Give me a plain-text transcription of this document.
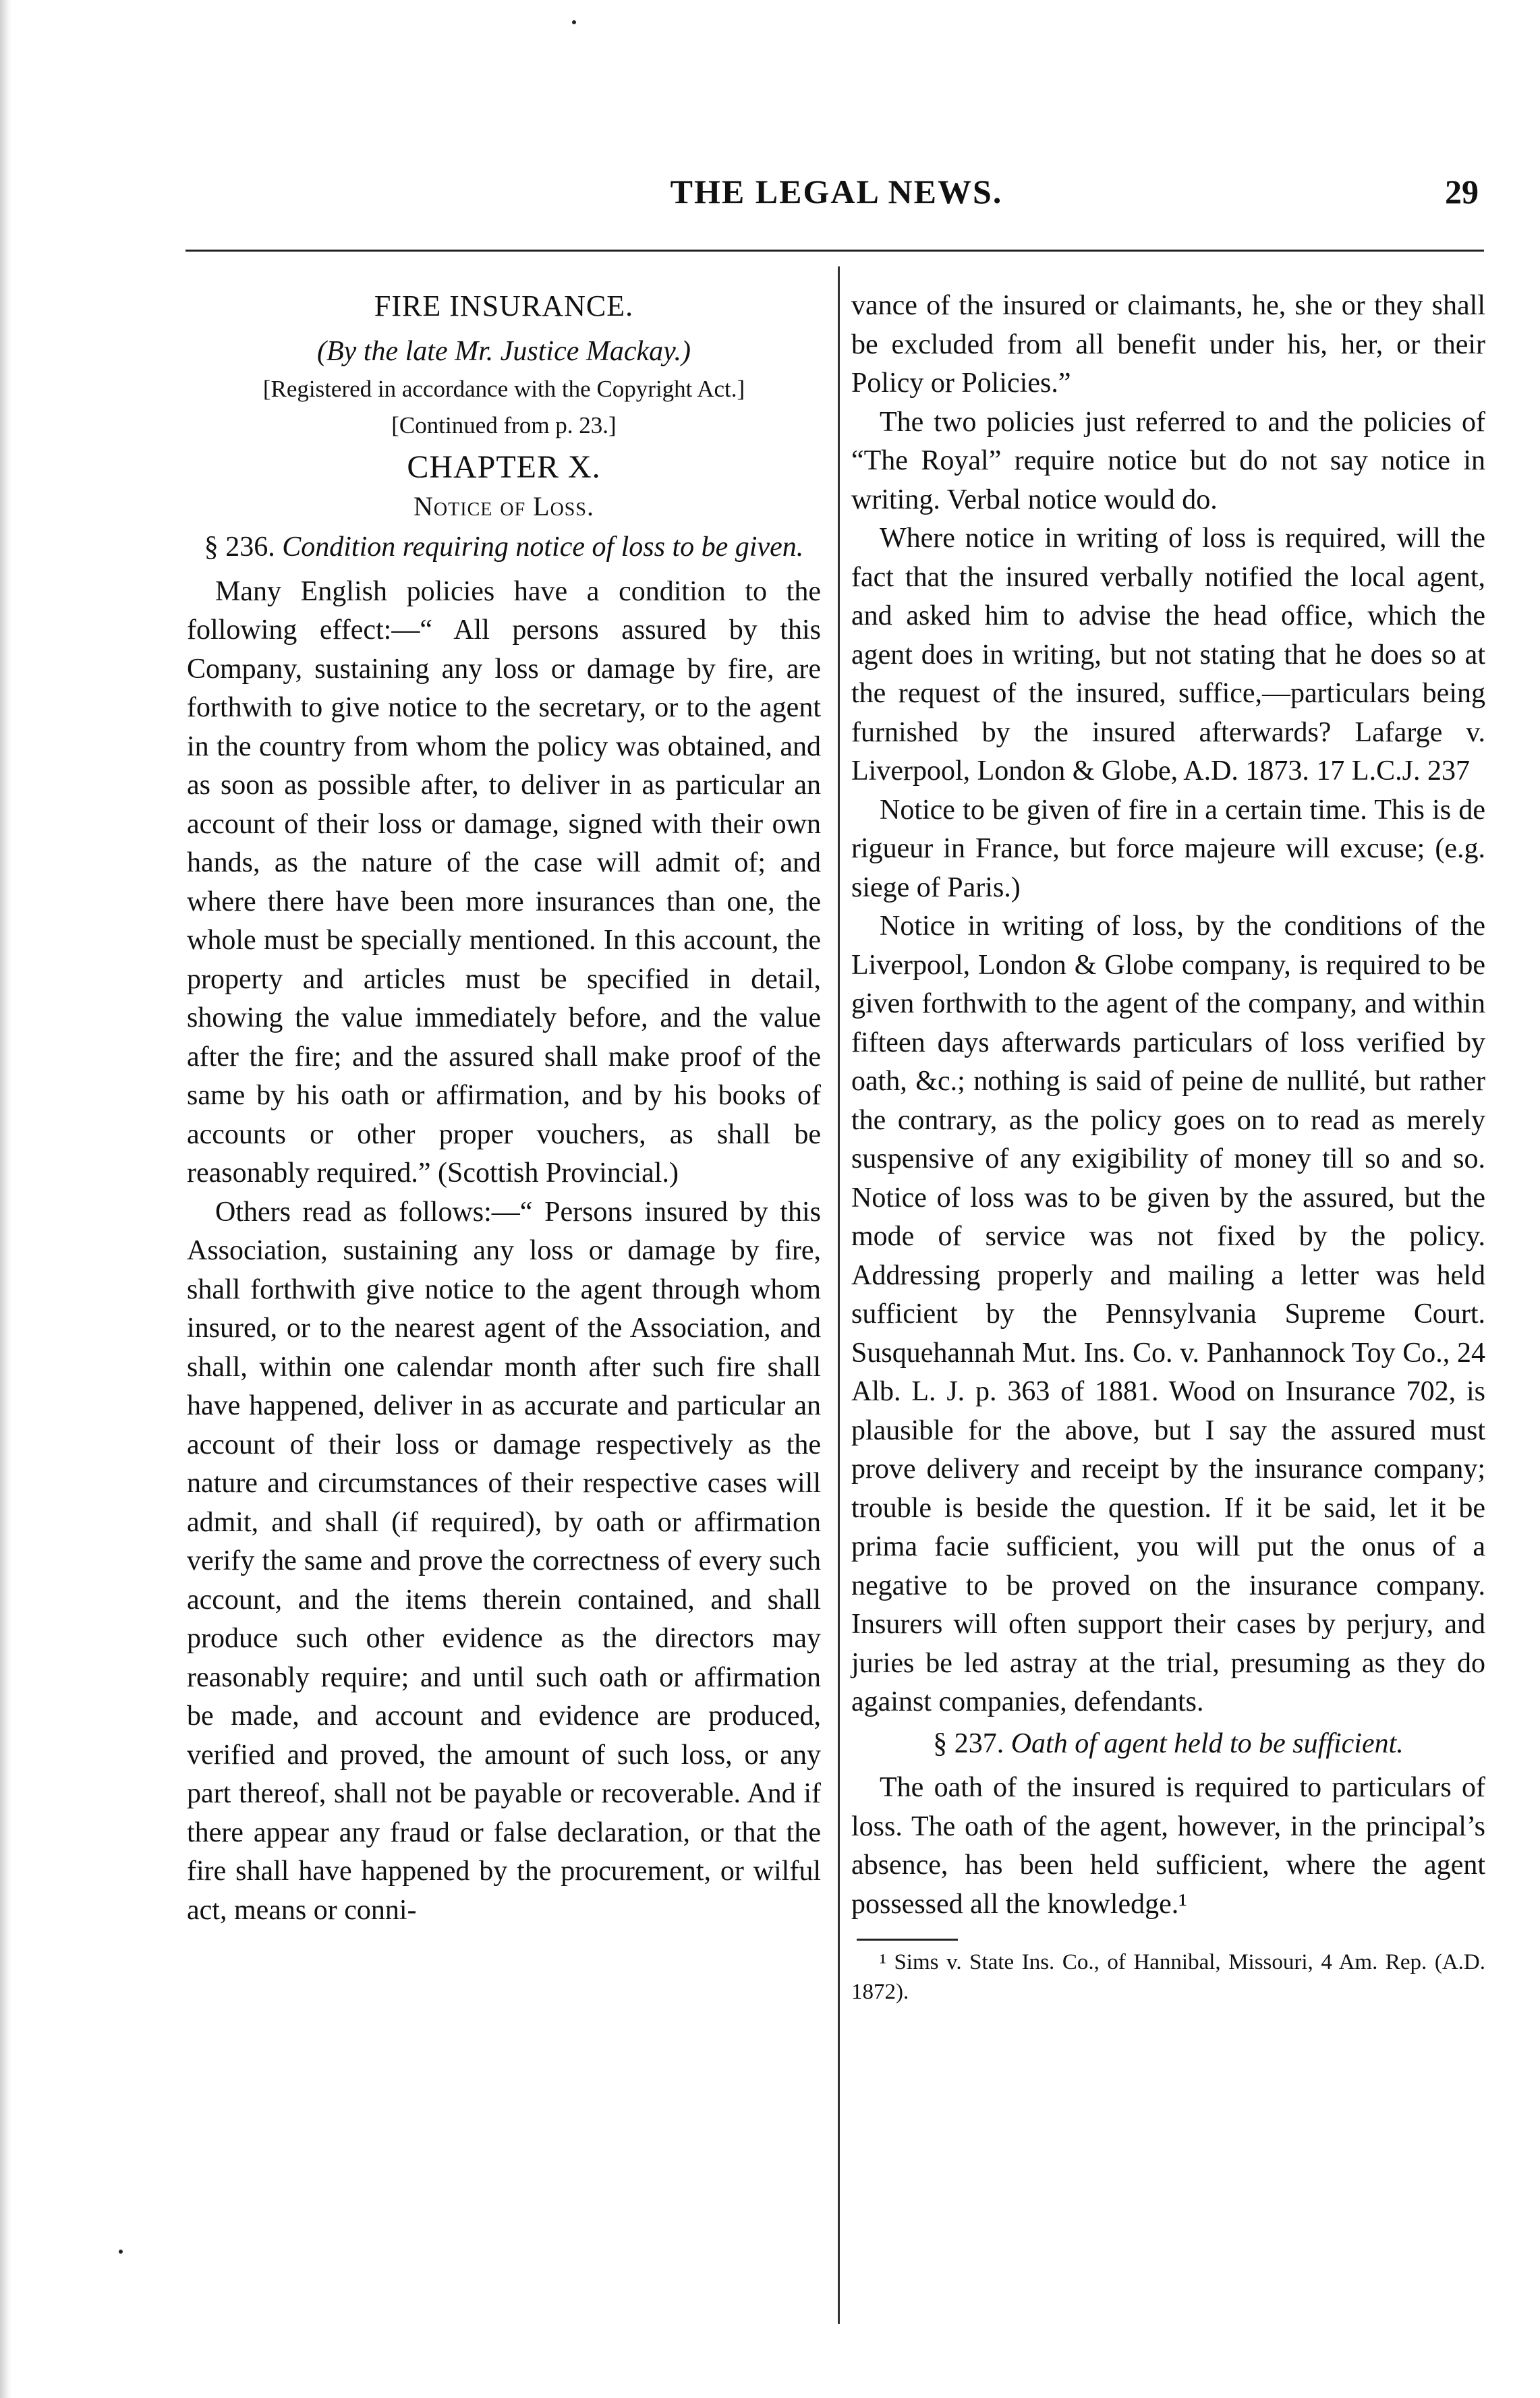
THE LEGAL NEWS.	29
FIRE INSURANCE.
(By the late Mr. Justice Mackay.)
[Registered in accordance with the Copyright Act.]
[Continued from p. 23.]
CHAPTER X.
Notice of Loss.
§ 236. Condition requiring notice of loss to be given.

Many English policies have a condition to the following effect:—“ All persons assured by this Company, sustaining any loss or damage by fire, are forthwith to give notice to the secretary, or to the agent in the country from whom the policy was obtained, and as soon as possible after, to deliver in as particular an account of their loss or damage, signed with their own hands, as the nature of the case will admit of; and where there have been more insurances than one, the whole must be specially mentioned. In this account, the property and articles must be specified in detail, showing the value immediately before, and the value after the fire; and the assured shall make proof of the same by his oath or affirmation, and by his books of accounts or other proper vouchers, as shall be reasonably required.” (Scottish Provincial.)

Others read as follows:—“ Persons insured by this Association, sustaining any loss or damage by fire, shall forthwith give notice to the agent through whom insured, or to the nearest agent of the Association, and shall, within one calendar month after such fire shall have happened, deliver in as accurate and particular an account of their loss or damage respectively as the nature and circumstances of their respective cases will admit, and shall (if required), by oath or affirmation verify the same and prove the correctness of every such account, and the items therein contained, and shall produce such other evidence as the directors may reasonably require; and until such oath or affirmation be made, and account and evidence are produced, verified and proved, the amount of such loss, or any part thereof, shall not be payable or recoverable. And if there appear any fraud or false declaration, or that the fire shall have happened by the procurement, or wilful act, means or conni-

vance of the insured or claimants, he, she or they shall be excluded from all benefit under his, her, or their Policy or Policies.”

The two policies just referred to and the policies of “The Royal” require notice but do not say notice in writing. Verbal notice would do.

Where notice in writing of loss is required, will the fact that the insured verbally notified the local agent, and asked him to advise the head office, which the agent does in writing, but not stating that he does so at the request of the insured, suffice,—particulars being furnished by the insured afterwards? Lafarge v. Liverpool, London & Globe, A.D. 1873. 17 L.C.J. 237

Notice to be given of fire in a certain time. This is de rigueur in France, but force majeure will excuse; (e.g. siege of Paris.)

Notice in writing of loss, by the conditions of the Liverpool, London & Globe company, is required to be given forthwith to the agent of the company, and within fifteen days afterwards particulars of loss verified by oath, &c.; nothing is said of peine de nullité, but rather the contrary, as the policy goes on to read as merely suspensive of any exigibility of money till so and so. Notice of loss was to be given by the assured, but the mode of service was not fixed by the policy. Addressing properly and mailing a letter was held sufficient by the Pennsylvania Supreme Court. Susquehannah Mut. Ins. Co. v. Panhannock Toy Co., 24 Alb. L. J. p. 363 of 1881. Wood on Insurance 702, is plausible for the above, but I say the assured must prove delivery and receipt by the insurance company; trouble is beside the question. If it be said, let it be prima facie sufficient, you will put the onus of a negative to be proved on the insurance company. Insurers will often support their cases by perjury, and juries be led astray at the trial, presuming as they do against companies, defendants.

§ 237. Oath of agent held to be sufficient.

The oath of the insured is required to particulars of loss. The oath of the agent, however, in the principal’s absence, has been held sufficient, where the agent possessed all the knowledge.¹

¹ Sims v. State Ins. Co., of Hannibal, Missouri, 4 Am. Rep. (A.D. 1872).
